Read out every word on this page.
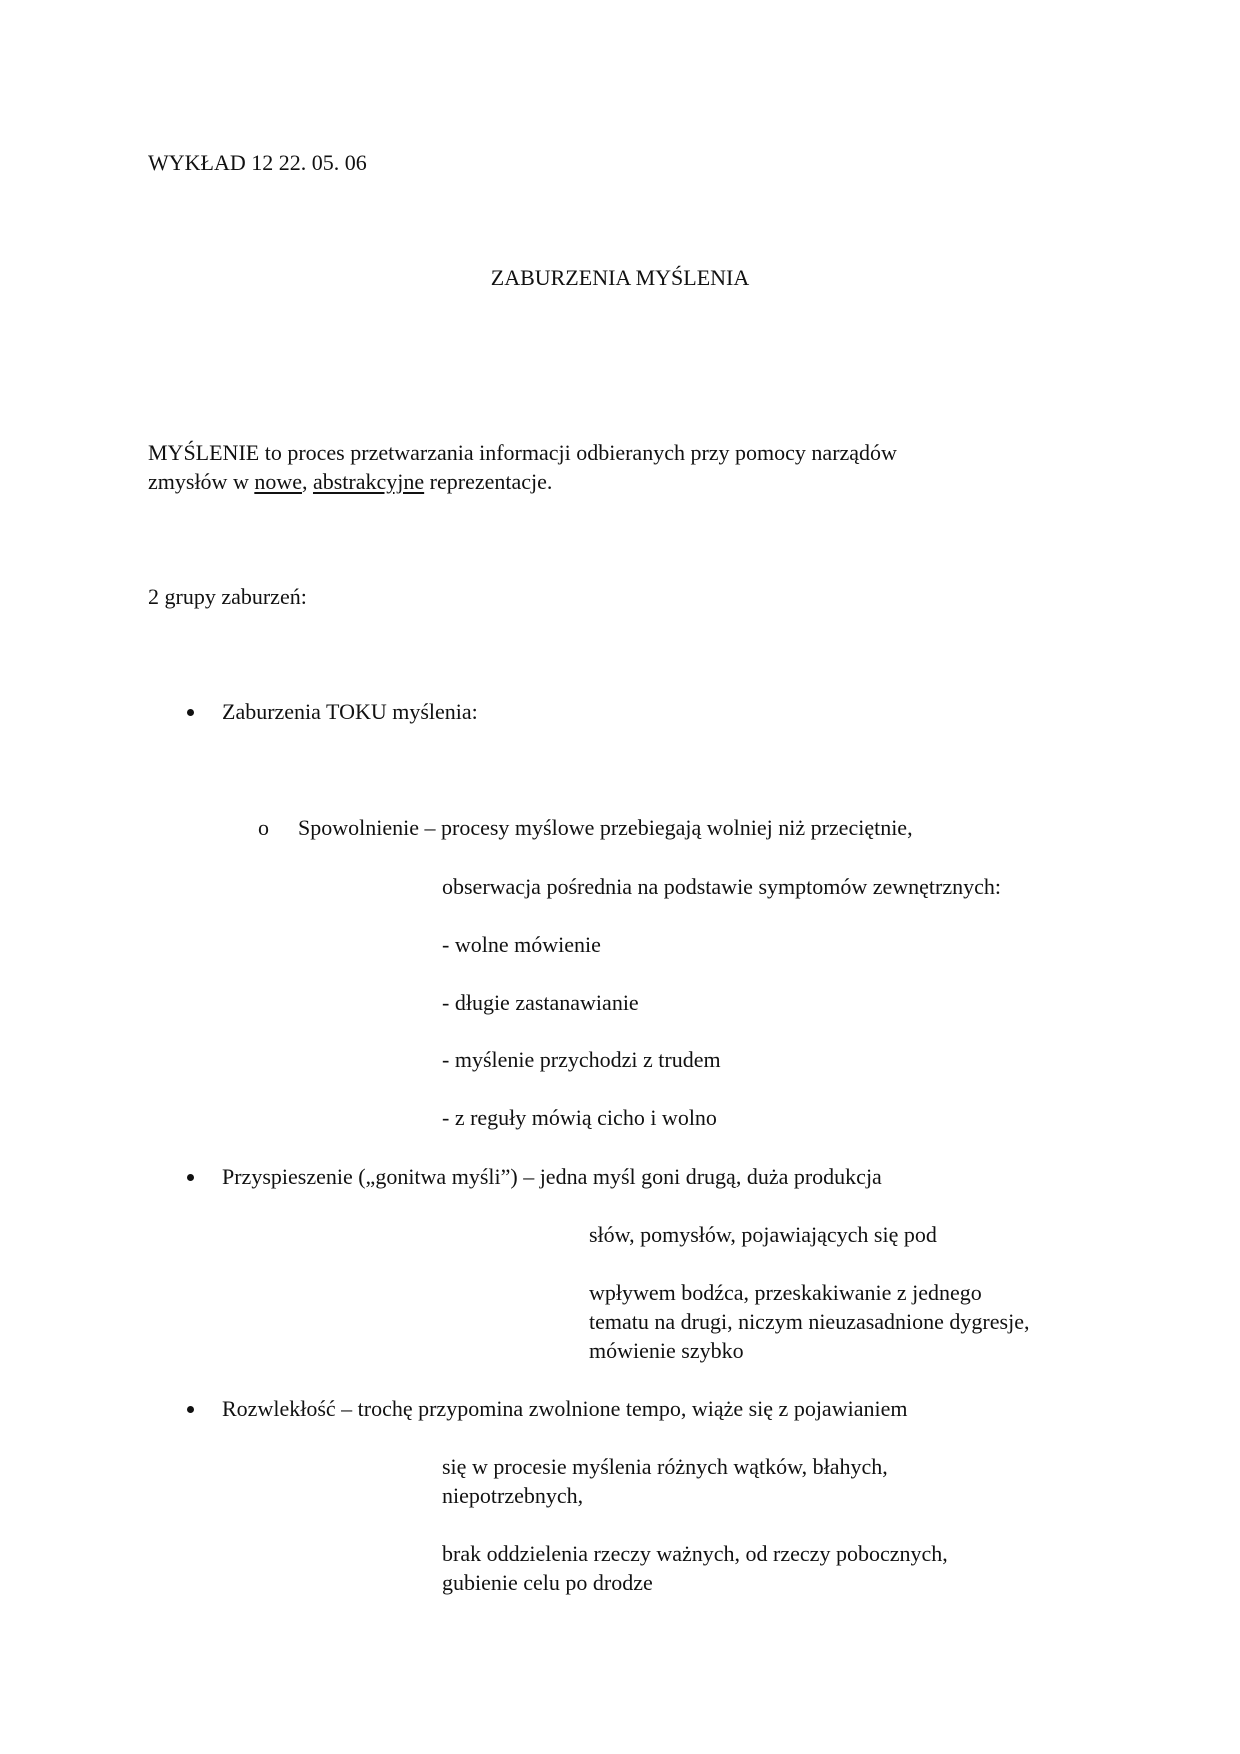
WYKŁAD 12 22. 05. 06
ZABURZENIA MYŚLENIA
MYŚLENIE to proces przetwarzania informacji odbieranych przy pomocy narządów
zmysłów w nowe, abstrakcyjne reprezentacje.
2 grupy zaburzeń:
Zaburzenia TOKU myślenia:
o Spowolnienie – procesy myślowe przebiegają wolniej niż przeciętnie,
obserwacja pośrednia na podstawie symptomów zewnętrznych:
- wolne mówienie
- długie zastanawianie
- myślenie przychodzi z trudem
- z reguły mówią cicho i wolno
Przyspieszenie („gonitwa myśli”) – jedna myśl goni drugą, duża produkcja
słów, pomysłów, pojawiających się pod
wpływem bodźca, przeskakiwanie z jednego
tematu na drugi, niczym nieuzasadnione dygresje,
mówienie szybko
Rozwlekłość – trochę przypomina zwolnione tempo, wiąże się z pojawianiem
się w procesie myślenia różnych wątków, błahych,
niepotrzebnych,
brak oddzielenia rzeczy ważnych, od rzeczy pobocznych,
gubienie celu po drodze
